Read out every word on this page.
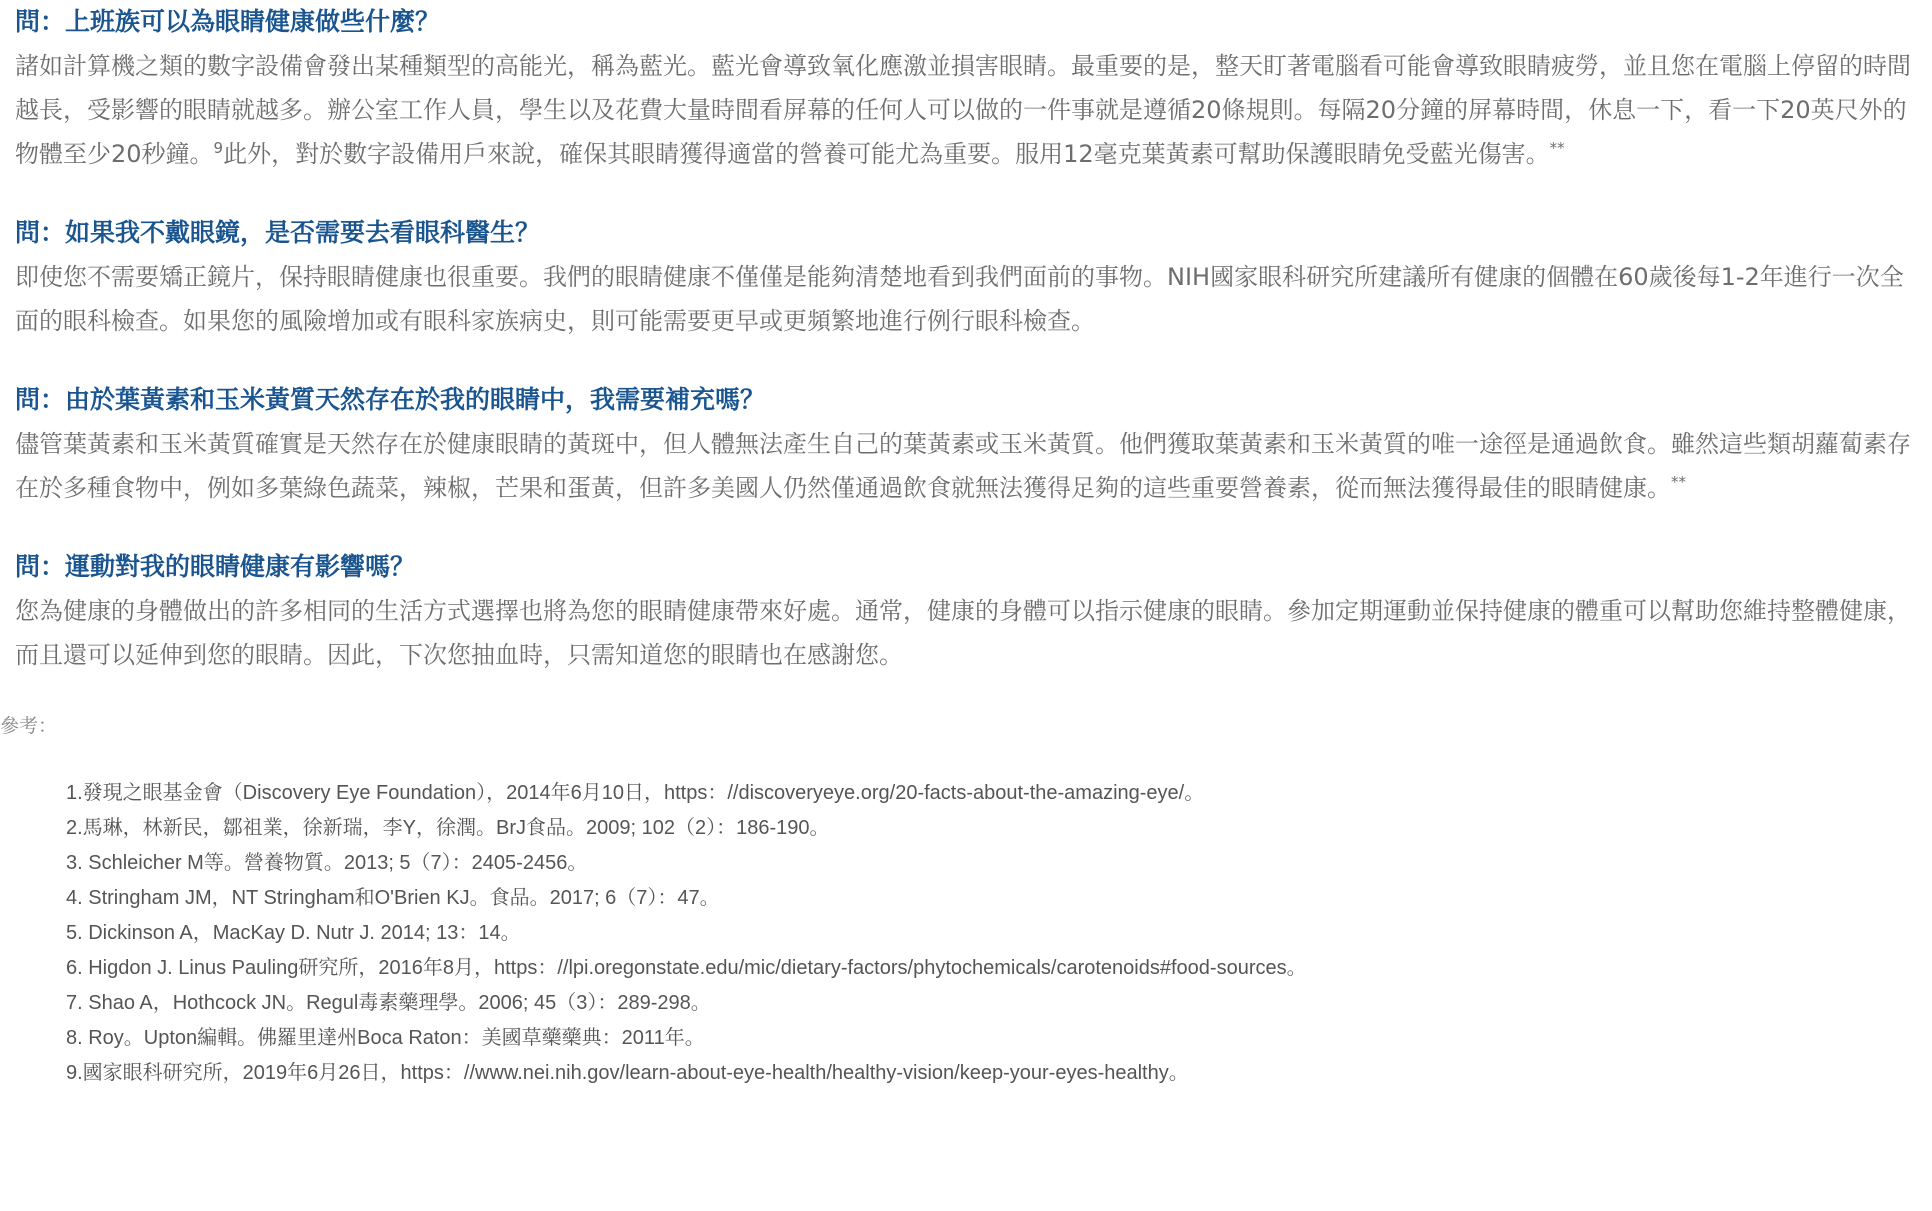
問：上班族可以為眼睛健康做些什麼？

諸如計算機之類的數字設備會發出某種類型的高能光，稱為藍光。藍光會導致氧化應激並損害眼睛。最重要的是，整天盯著電腦看可能會導致眼睛疲勞，並且您在電腦上停留的時間越長，受影響的眼睛就越多。辦公室工作人員，學生以及花費大量時間看屏幕的任何人可以做的一件事就是遵循20條規則。每隔20分鐘的屏幕時間，休息一下，看一下20英尺外的物體至少20秒鐘。$^9$此外，對於數字設備用戶來說，確保其眼睛獲得適當的營養可能尤為重要。服用12毫克葉黃素可幫助保護眼睛免受藍光傷害。**

問：如果我不戴眼鏡，是否需要去看眼科醫生？

即使您不需要矯正鏡片，保持眼睛健康也很重要。我們的眼睛健康不僅僅是能夠清楚地看到我們面前的事物。NIH國家眼科研究所建議所有健康的個體在60歲後每1-2年進行一次全面的眼科檢查。如果您的風險增加或有眼科家族病史，則可能需要更早或更頻繁地進行例行眼科檢查。

問：由於葉黃素和玉米黃質天然存在於我的眼睛中，我需要補充嗎？

儘管葉黃素和玉米黃質確實是天然存在於健康眼睛的黃斑中，但人體無法產生自己的葉黃素或玉米黃質。他們獲取葉黃素和玉米黃質的唯一途徑是通過飲食。雖然這些類胡蘿蔔素存在於多種食物中，例如多葉綠色蔬菜，辣椒，芒果和蛋黃，但許多美國人仍然僅通過飲食就無法獲得足夠的這些重要營養素，從而無法獲得最佳的眼睛健康。**

問：運動對我的眼睛健康有影響嗎？

您為健康的身體做出的許多相同的生活方式選擇也將為您的眼睛健康帶來好處。通常，健康的身體可以指示健康的眼睛。參加定期運動並保持健康的體重可以幫助您維持整體健康，而且還可以延伸到您的眼睛。因此，下次您抽血時，只需知道您的眼睛也在感謝您。

參考：

1.發現之眼基金會（Discovery Eye Foundation），2014年6月10日，https：//discoveryeye.org/20-facts-about-the-amazing-eye/。
2.馬琳，林新民，鄒祖業，徐新瑞，李Y，徐潤。BrJ食品。2009; 102（2）：186-190。
3. Schleicher M等。營養物質。2013; 5（7）：2405-2456。
4. Stringham JM，NT Stringham和O'Brien KJ。食品。2017; 6（7）：47。
5. Dickinson A，MacKay D. Nutr J. 2014; 13：14。
6. Higdon J. Linus Pauling研究所，2016年8月，https：//lpi.oregonstate.edu/mic/dietary-factors/phytochemicals/carotenoids#food-sources。
7. Shao A，Hothcock JN。Regul毒素藥理學。2006; 45（3）：289-298。
8. Roy。Upton編輯。佛羅里達州Boca Raton：美國草藥藥典：2011年。
9.國家眼科研究所，2019年6月26日，https：//www.nei.nih.gov/learn-about-eye-health/healthy-vision/keep-your-eyes-healthy。
